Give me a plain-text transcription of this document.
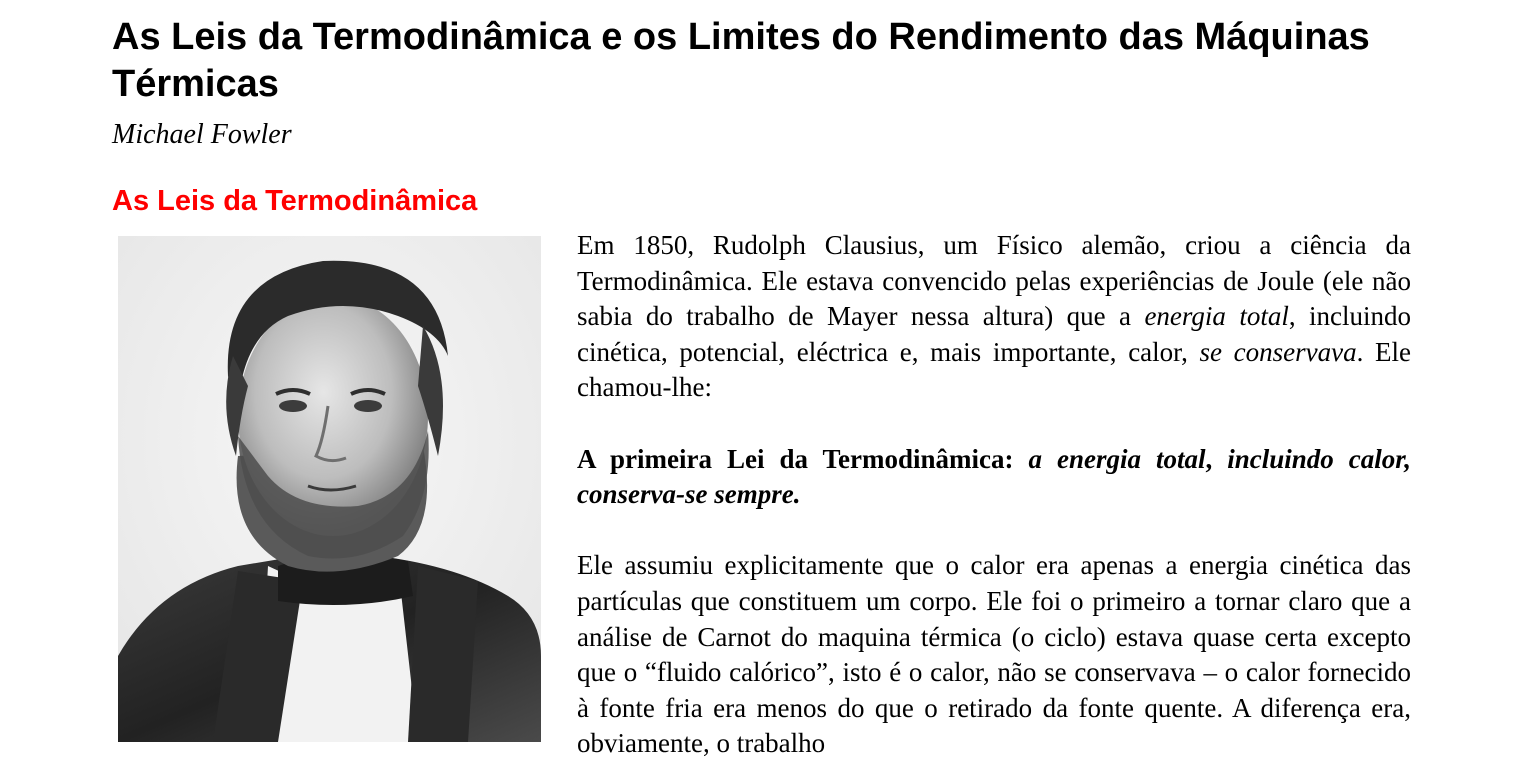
As Leis da Termodinâmica e os Limites do Rendimento das Máquinas Térmicas
Michael Fowler
As Leis da Termodinâmica

Em 1850, Rudolph Clausius, um Físico alemão, criou a ciência da Termodinâmica. Ele estava convencido pelas experiências de Joule (ele não sabia do trabalho de Mayer nessa altura) que a energia total, incluindo cinética, potencial, eléctrica e, mais importante, calor, se conservava. Ele chamou-lhe:

A primeira Lei da Termodinâmica: a energia total, incluindo calor, conserva-se sempre.

Ele assumiu explicitamente que o calor era apenas a energia cinética das partículas que constituem um corpo. Ele foi o primeiro a tornar claro que a análise de Carnot do maquina térmica (o ciclo) estava quase certa excepto que o “fluido calórico”, isto é o calor, não se conservava – o calor fornecido à fonte fria era menos do que o retirado da fonte quente. A diferença era, obviamente, o trabalho
